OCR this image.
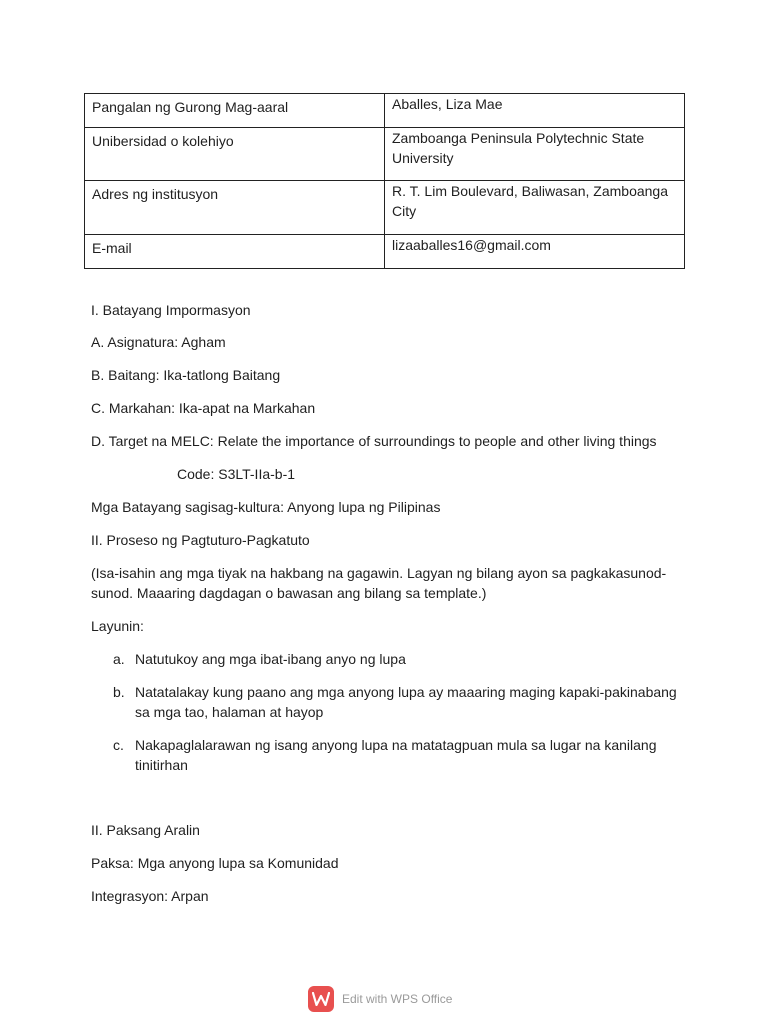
Pangalan ng Gurong Mag-aaral	Aballes, Liza Mae
Unibersidad o kolehiyo	Zamboanga Peninsula Polytechnic State University
Adres ng institusyon	R. T. Lim Boulevard, Baliwasan, Zamboanga City
E-mail	lizaaballes16@gmail.com
I. Batayang Impormasyon
A. Asignatura: Agham
B. Baitang: Ika-tatlong Baitang
C. Markahan: Ika-apat na Markahan
D. Target na MELC: Relate the importance of surroundings to people and other living things
Code: S3LT-IIa-b-1
Mga Batayang sagisag-kultura: Anyong lupa ng Pilipinas
II. Proseso ng Pagtuturo-Pagkatuto
(Isa-isahin ang mga tiyak na hakbang na gagawin. Lagyan ng bilang ayon sa pagkakasunod-sunod. Maaaring dagdagan o bawasan ang bilang sa template.)
Layunin:
a. Natutukoy ang mga ibat-ibang anyo ng lupa
b. Natatalakay kung paano ang mga anyong lupa ay maaaring maging kapaki-pakinabang sa mga tao, halaman at hayop
c. Nakapaglalarawan ng isang anyong lupa na matatagpuan mula sa lugar na kanilang tinitirhan
II. Paksang Aralin
Paksa: Mga anyong lupa sa Komunidad
Integrasyon: Arpan
Edit with WPS Office
